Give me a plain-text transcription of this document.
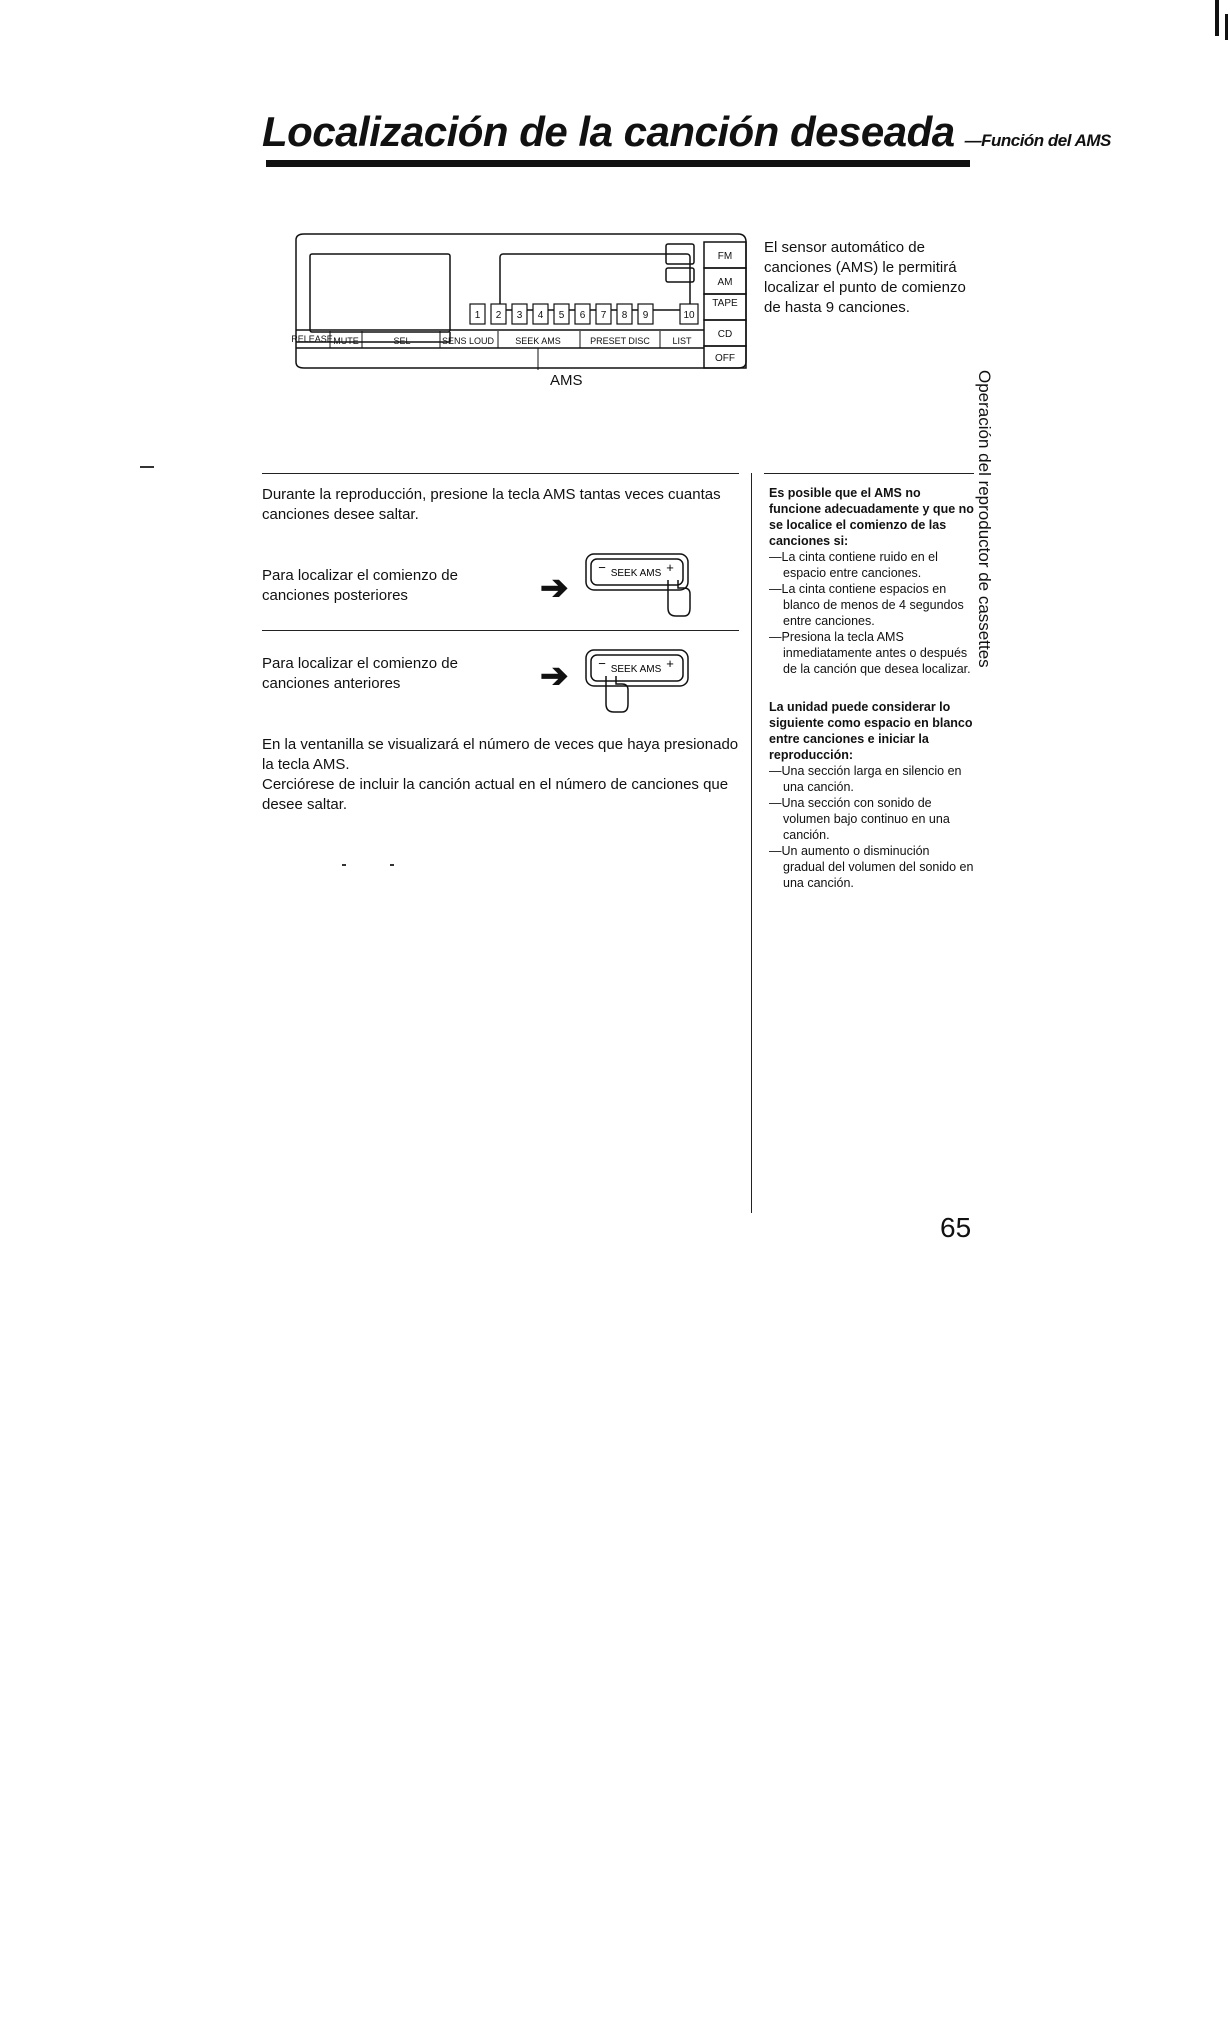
Localización de la canción deseada —Función del AMS
1 2 3 4 5 6 7 8 9	10
FM
AM
TAPE
CD
OFF
RELEASE MUTE	SEL	SENS LOUD SEEK AMS	PRESET DISC	LIST
AMS
El sensor automático de canciones (AMS) le permitirá localizar el punto de comienzo de hasta 9 canciones.
Operación del reproductor de cassettes
Durante la reproducción, presione la tecla AMS tantas veces cuantas canciones desee saltar.
Para localizar el comienzo de canciones posteriores	➔
−	+
SEEK AMS
Para localizar el comienzo de canciones anteriores	➔ −	+
SEEK AMS

En la ventanilla se visualizará el número de veces que haya presionado la tecla AMS.

Cerciórese de incluir la canción actual en el número de canciones que desee saltar.

Es posible que el AMS no funcione adecuadamente y que no se localice el comienzo de las canciones si:

— La cinta contiene ruido en el espacio entre canciones.
— La cinta contiene espacios en blanco de menos de 4 segundos entre canciones.
— Presiona la tecla AMS inmediatamente antes o después de la canción que desea localizar.

La unidad puede considerar lo siguiente como espacio en blanco entre canciones e iniciar la reproducción:

— Una sección larga en silencio en una canción.
— Una sección con sonido de volumen bajo continuo en una canción.
— Un aumento o disminución gradual del volumen del sonido en una canción.
65
